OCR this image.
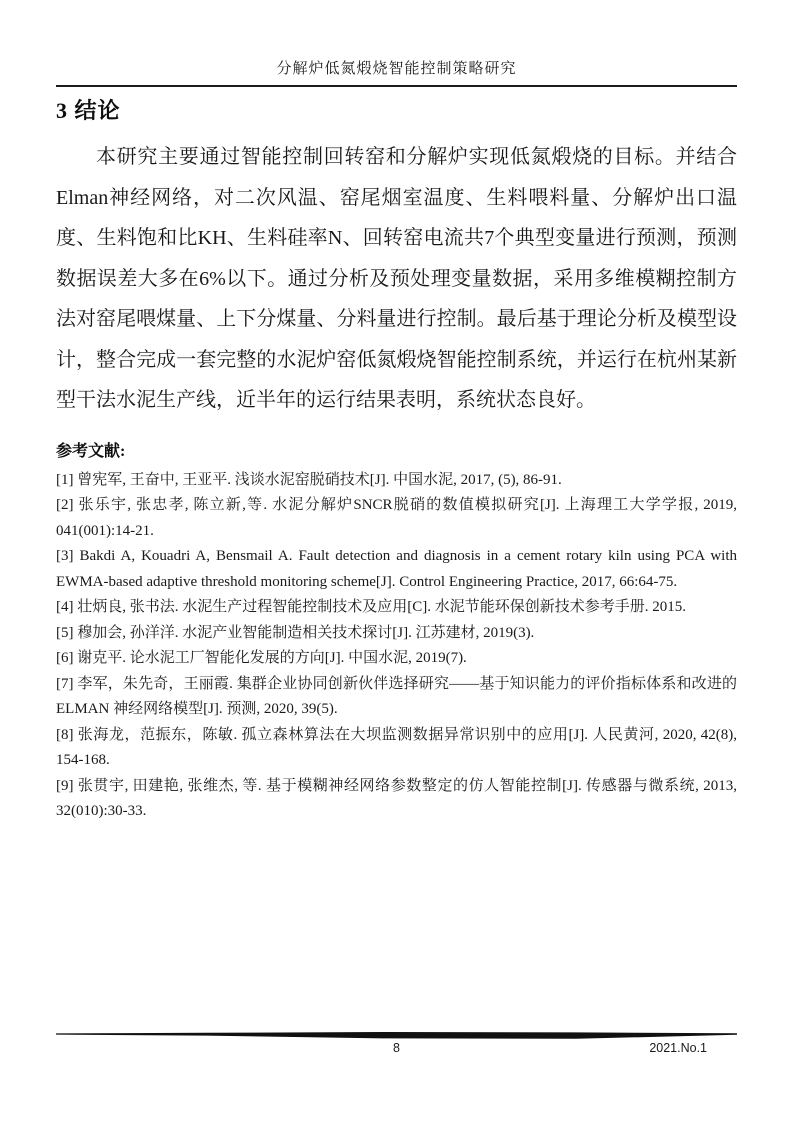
分解炉低氮煅烧智能控制策略研究
3 结论

本研究主要通过智能控制回转窑和分解炉实现低氮煅烧的目标。并结合Elman神经网络，对二次风温、窑尾烟室温度、生料喂料量、分解炉出口温度、生料饱和比KH、生料硅率N、回转窑电流共7个典型变量进行预测，预测数据误差大多在6%以下。通过分析及预处理变量数据，采用多维模糊控制方法对窑尾喂煤量、上下分煤量、分料量进行控制。最后基于理论分析及模型设计，整合完成一套完整的水泥炉窑低氮煅烧智能控制系统，并运行在杭州某新型干法水泥生产线，近半年的运行结果表明，系统状态良好。

参考文献:
[1] 曾宪军, 王奋中, 王亚平. 浅谈水泥窑脱硝技术[J]. 中国水泥, 2017, (5), 86-91.
[2] 张乐宇, 张忠孝, 陈立新,等. 水泥分解炉SNCR脱硝的数值模拟研究[J]. 上海理工大学学报, 2019, 041(001):14-21.
[3] Bakdi A, Kouadri A, Bensmail A. Fault detection and diagnosis in a cement rotary kiln using PCA with EWMA-based adaptive threshold monitoring scheme[J]. Control Engineering Practice, 2017, 66:64-75.
[4] 壮炳良, 张书法. 水泥生产过程智能控制技术及应用[C]. 水泥节能环保创新技术参考手册. 2015.
[5] 穆加会, 孙洋洋. 水泥产业智能制造相关技术探讨[J]. 江苏建材, 2019(3).
[6] 谢克平. 论水泥工厂智能化发展的方向[J]. 中国水泥, 2019(7).
[7] 李军，朱先奇，王丽霞. 集群企业协同创新伙伴选择研究——基于知识能力的评价指标体系和改进的ELMAN 神经网络模型[J]. 预测, 2020, 39(5).
[8] 张海龙，范振东，陈敏. 孤立森林算法在大坝监测数据异常识别中的应用[J]. 人民黄河, 2020, 42(8), 154-168.
[9] 张贯宇, 田建艳, 张维杰, 等. 基于模糊神经网络参数整定的仿人智能控制[J]. 传感器与微系统, 2013, 32(010):30-33.
8	2021.No.1
